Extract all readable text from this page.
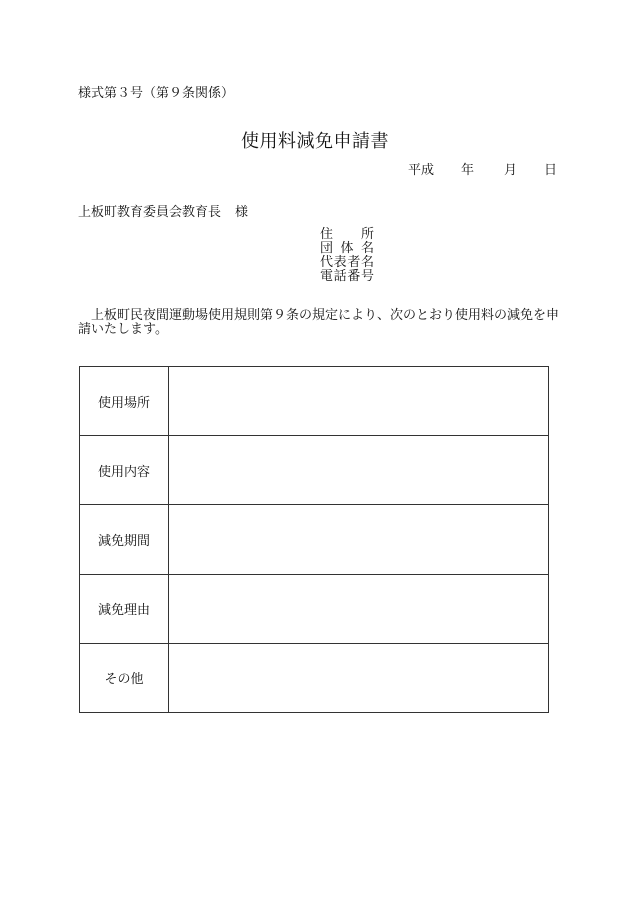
様式第３号（第９条関係）
使用料減免申請書
平成 年 月 日
上板町教育委員会教育長 様
住所
団体名
代表者名
電話番号
上板町民夜間運動場使用規則第９条の規定により、次のとおり使用料の減免を申請いたします。
使用場所	
使用内容	
減免期間	
減免理由	
その他	
